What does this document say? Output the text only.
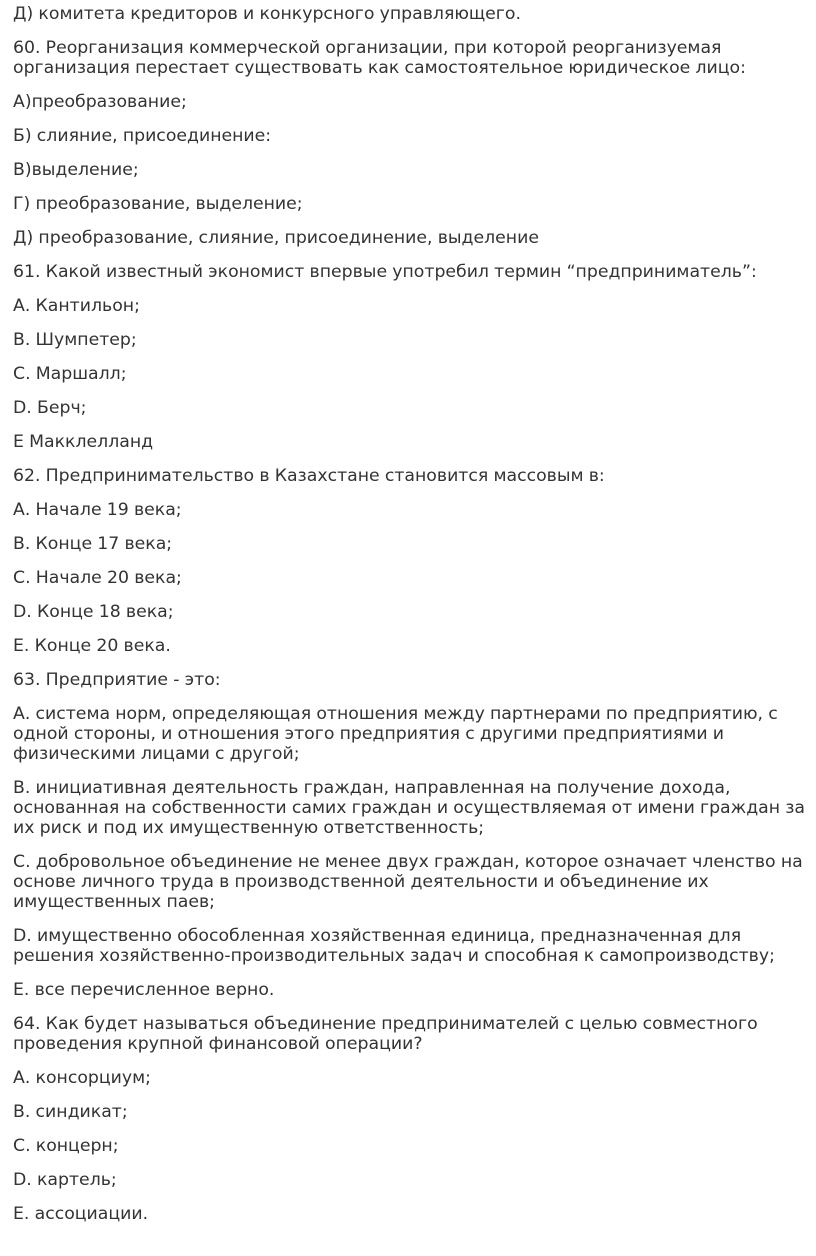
Д) комитета кредиторов и конкурсного управляющего.

60. Реорганизация коммерческой организации, при которой реорганизуемая организация перестает существовать как самостоятельное юридическое лицо:

А)преобразование;

Б) слияние, присоединение:

В)выделение;

Г) преобразование, выделение;

Д) преобразование, слияние, присоединение, выделение

61. Какой известный экономист впервые употребил термин “предприниматель”:

А. Кантильон;

В. Шумпетер;

С. Маршалл;

D. Берч;

Е Макклелланд

62. Предпринимательство в Казахстане становится массовым в:

А. Начале 19 века;

В. Конце 17 века;

С. Начале 20 века;

D. Конце 18 века;

Е. Конце 20 века.

63. Предприятие - это:

А. система норм, определяющая отношения между партнерами по предприятию, с одной стороны, и отношения этого предприятия с другими предприятиями и физическими лицами с другой;

В. инициативная деятельность граждан, направленная на получение дохода, основанная на собственности самих граждан и осуществляемая от имени граждан за их риск и под их имущественную ответственность;

С. добровольное объединение не менее двух граждан, которое означает членство на основе личного труда в производственной деятельности и объединение их имущественных паев;

D. имущественно обособленная хозяйственная единица, предназначенная для решения хозяйственно-производительных задач и способная к самопроизводству;

Е. все перечисленное верно.

64. Как будет называться объединение предпринимателей с целью совместного проведения крупной финансовой операции?

А. консорциум;

В. синдикат;

С. концерн;

D. картель;

Е. ассоциации.
